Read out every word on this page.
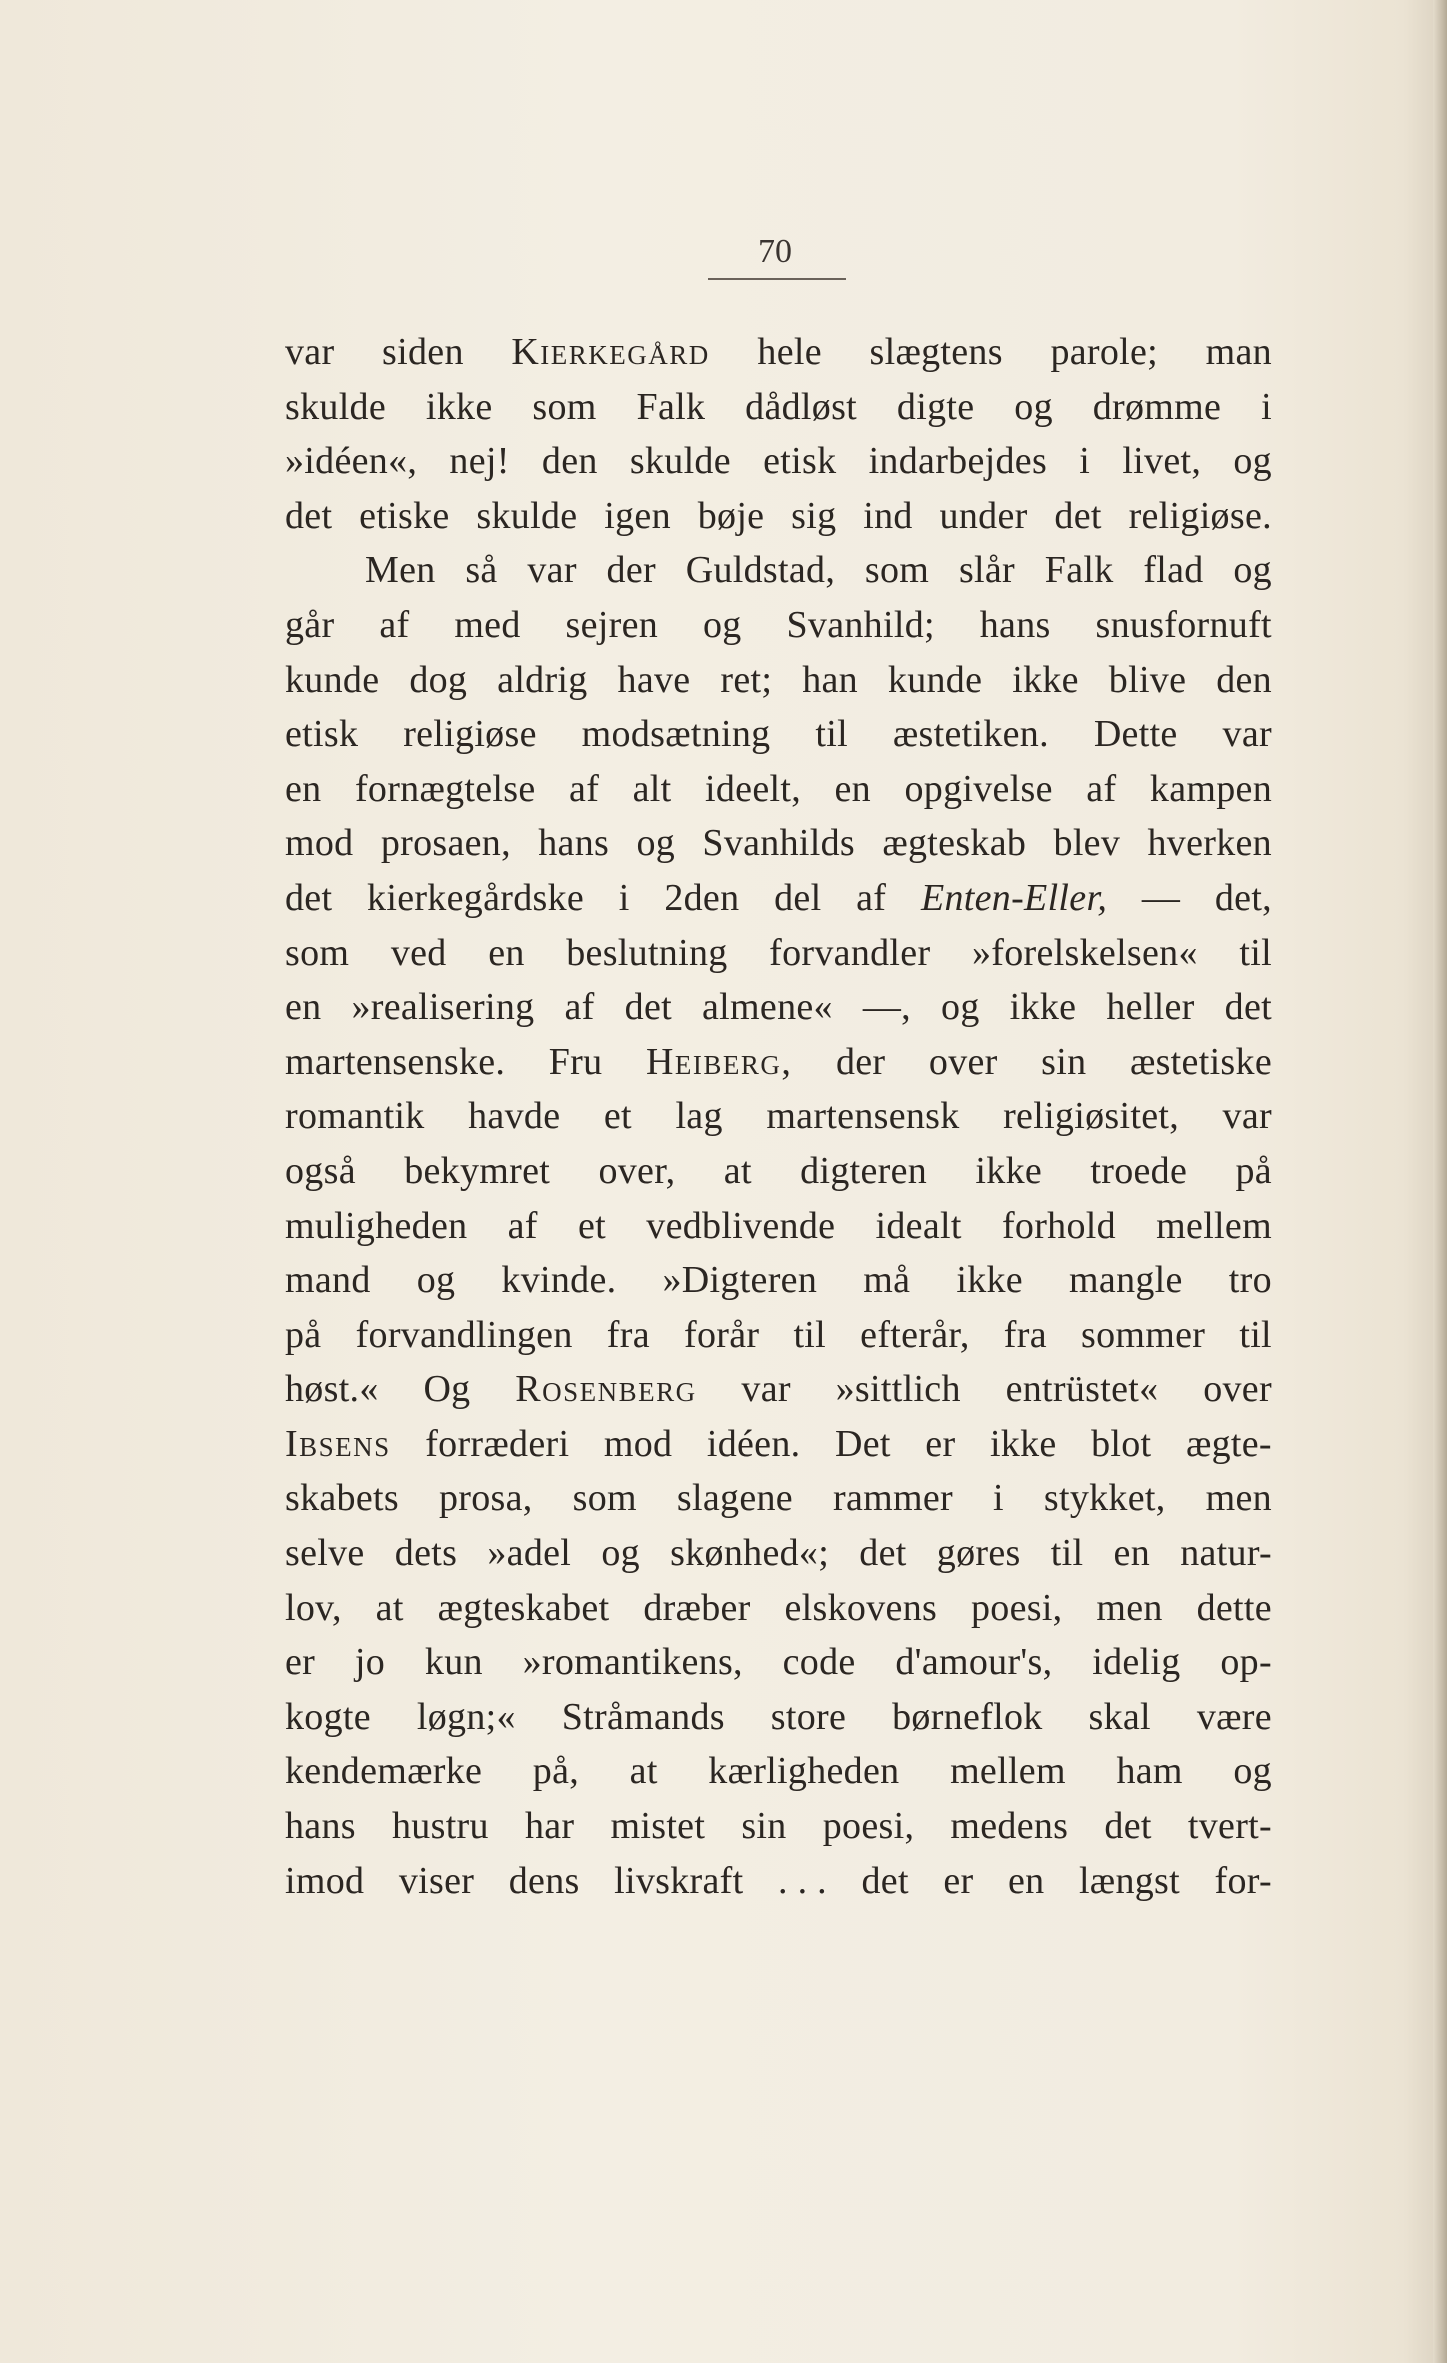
70
var siden Kierkegård hele slægtens parole; man
skulde ikke som Falk dådløst digte og drømme i
»idéen«, nej! den skulde etisk indarbejdes i livet, og
det etiske skulde igen bøje sig ind under det religiøse.
Men så var der Guldstad, som slår Falk flad og
går af med sejren og Svanhild; hans snusfornuft
kunde dog aldrig have ret; han kunde ikke blive den
etisk religiøse modsætning til æstetiken. Dette var
en fornægtelse af alt ideelt, en opgivelse af kampen
mod prosaen, hans og Svanhilds ægteskab blev hverken
det kierkegårdske i 2den del af Enten-Eller, — det,
som ved en beslutning forvandler »forelskelsen« til
en »realisering af det almene« —, og ikke heller det
martensenske. Fru Heiberg, der over sin æstetiske
romantik havde et lag martensensk religiøsitet, var
også bekymret over, at digteren ikke troede på
muligheden af et vedblivende idealt forhold mellem
mand og kvinde. »Digteren må ikke mangle tro
på forvandlingen fra forår til efterår, fra sommer til
høst.« Og Rosenberg var »sittlich entrüstet« over
Ibsens forræderi mod idéen. Det er ikke blot ægte-
skabets prosa, som slagene rammer i stykket, men
selve dets »adel og skønhed«; det gøres til en natur-
lov, at ægteskabet dræber elskovens poesi, men dette
er jo kun »romantikens, code d'amour's, idelig op-
kogte løgn;« Stråmands store børneflok skal være
kendemærke på, at kærligheden mellem ham og
hans hustru har mistet sin poesi, medens det tvert-
imod viser dens livskraft . . . det er en længst for-
